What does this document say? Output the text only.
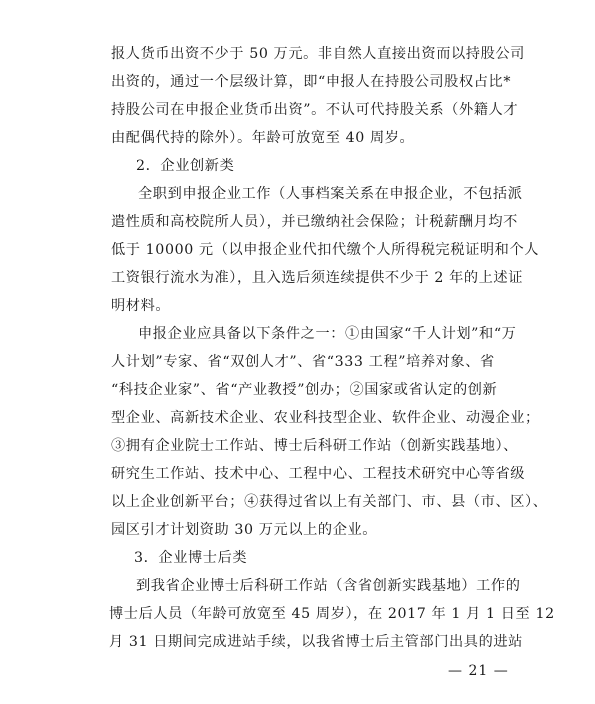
报人货币出资不少于 50 万元。非自然人直接出资而以持股公司
出资的，通过一个层级计算，即“申报人在持股公司股权占比*
持股公司在申报企业货币出资”。不认可代持股关系（外籍人才
由配偶代持的除外）。年龄可放宽至 40 周岁。
2．企业创新类
全职到申报企业工作（人事档案关系在申报企业，不包括派
遣性质和高校院所人员），并已缴纳社会保险；计税薪酬月均不
低于 10000 元（以申报企业代扣代缴个人所得税完税证明和个人
工资银行流水为准），且入选后须连续提供不少于 2 年的上述证
明材料。
申报企业应具备以下条件之一：①由国家“千人计划”和“万
人计划”专家、省“双创人才”、省“333 工程”培养对象、省
“科技企业家”、省“产业教授”创办；②国家或省认定的创新
型企业、高新技术企业、农业科技型企业、软件企业、动漫企业；
③拥有企业院士工作站、博士后科研工作站（创新实践基地）、
研究生工作站、技术中心、工程中心、工程技术研究中心等省级
以上企业创新平台；④获得过省以上有关部门、市、县（市、区）、
园区引才计划资助 30 万元以上的企业。
3．企业博士后类
到我省企业博士后科研工作站（含省创新实践基地）工作的
博士后人员（年龄可放宽至 45 周岁），在 2017 年 1 月 1 日至 12
月 31 日期间完成进站手续，以我省博士后主管部门出具的进站
— 21 —
